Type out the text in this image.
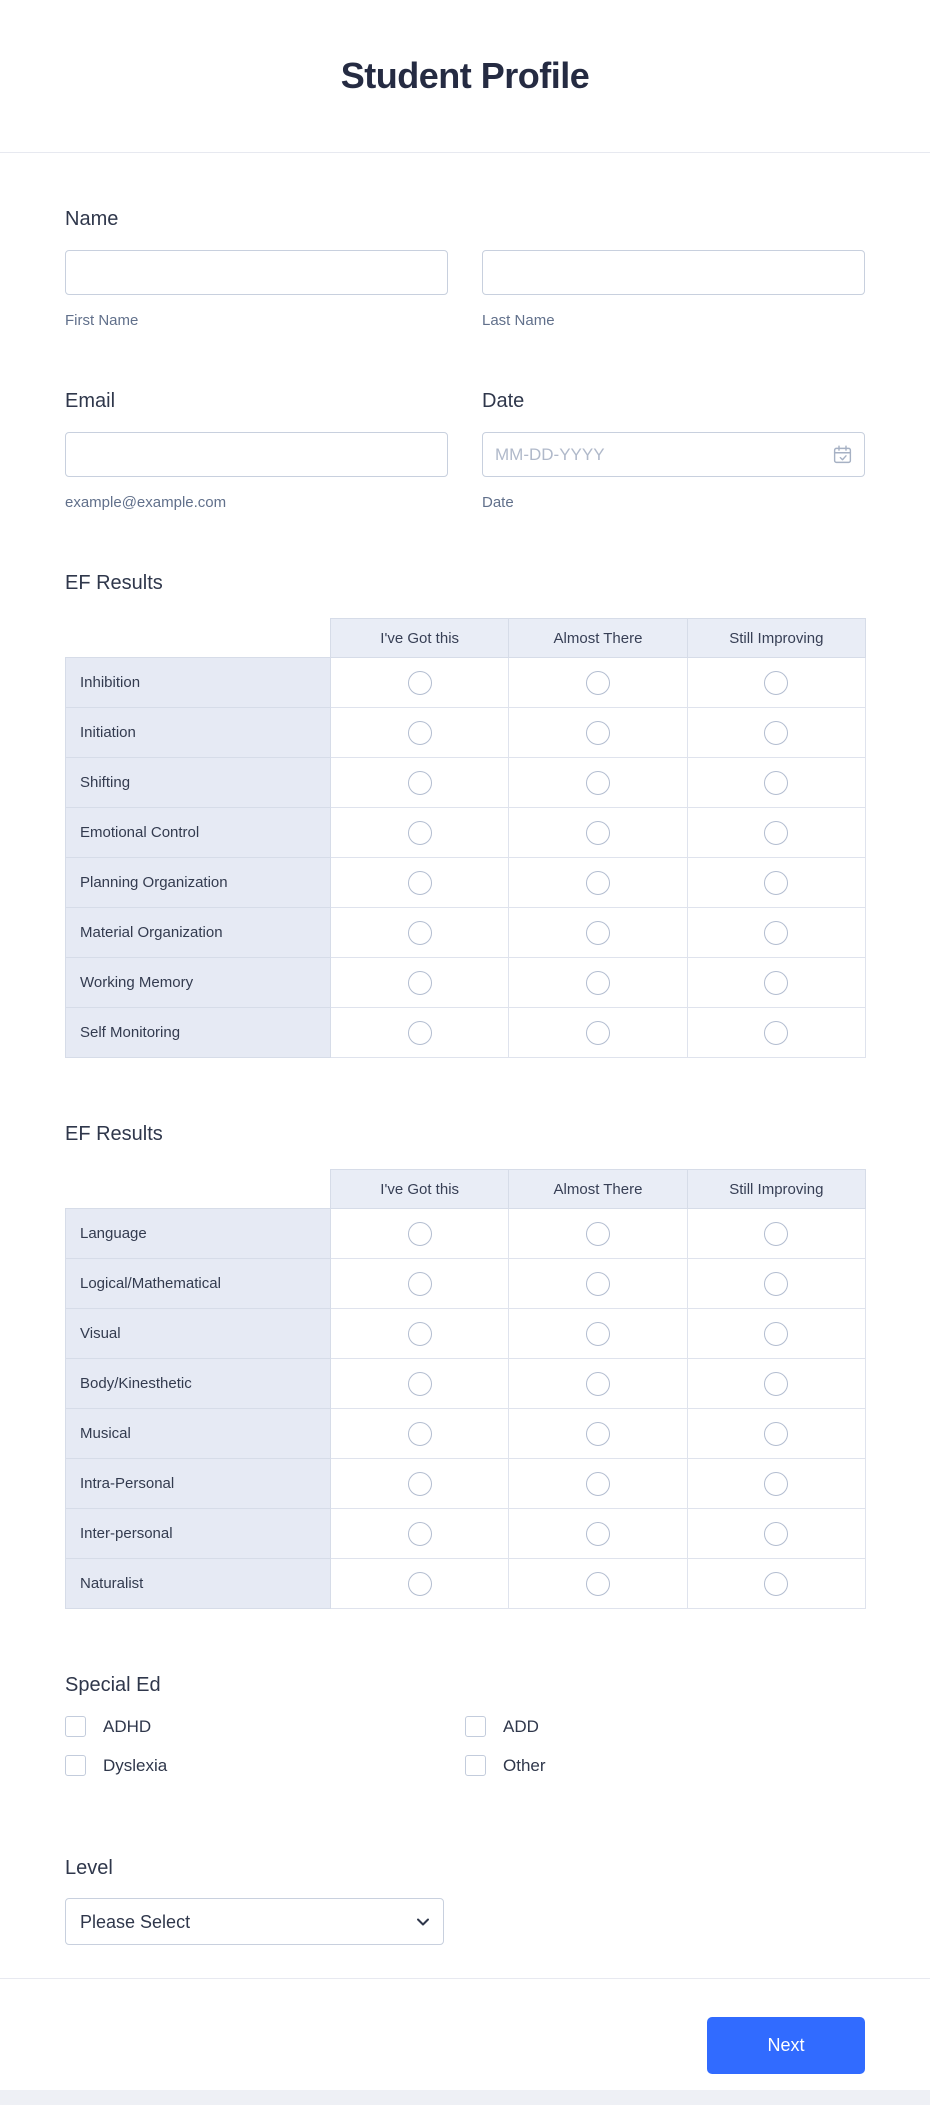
Student Profile
Name
First Name	Last Name
Email
example@example.com
Date
MM-DD-YYYY
Date
EF Results
	I've Got this	Almost There	Still Improving
Inhibition			
Initiation			
Shifting			
Emotional Control			
Planning Organization			
Material Organization			
Working Memory			
Self Monitoring			
EF Results
	I've Got this	Almost There	Still Improving
Language			
Logical/Mathematical			
Visual			
Body/Kinesthetic			
Musical			
Intra-Personal			
Inter-personal			
Naturalist			
Special Ed
ADHD	ADD
Dyslexia	Other
Level
Please Select
Next
